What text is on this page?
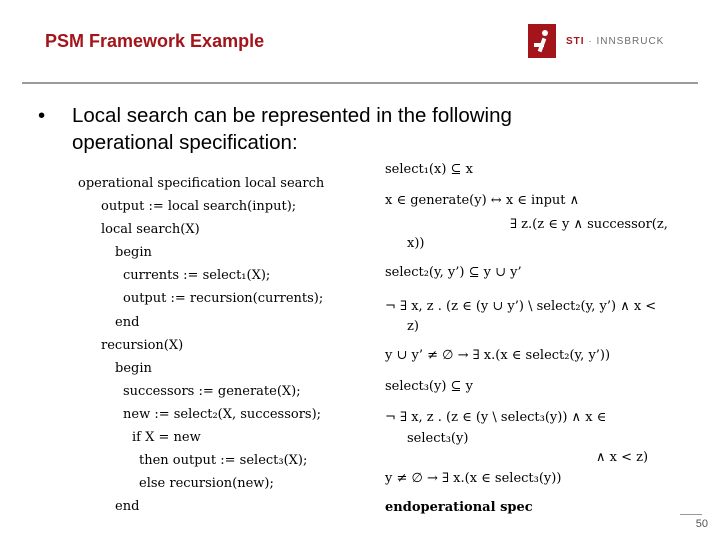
PSM Framework Example	STI · INNSBRUCK
• Local search can be represented in the following operational specification:
operational specification local search
output := local search(input);
local search(X)
begin
currents := select₁(X);
output := recursion(currents);
end
recursion(X)
begin
successors := generate(X);
new := select₂(X, successors);
if X = new
then output := select₃(X);
else recursion(new);
end
select₁(x) ⊆ x
x ∈ generate(y) ↔ x ∈ input ∧
∃ z.(z ∈ y ∧ successor(z,
x))
select₂(y, y’) ⊆ y ∪ y’
¬ ∃ x, z . (z ∈ (y ∪ y’) \ select₂(y, y’) ∧ x <
z)
y ∪ y’ ≠ ∅ → ∃ x.(x ∈ select₂(y, y’))
select₃(y) ⊆ y
¬ ∃ x, z . (z ∈ (y \ select₃(y)) ∧ x ∈
select₃(y)
∧ x < z)
y ≠ ∅ → ∃ x.(x ∈ select₃(y))
endoperational spec
50
